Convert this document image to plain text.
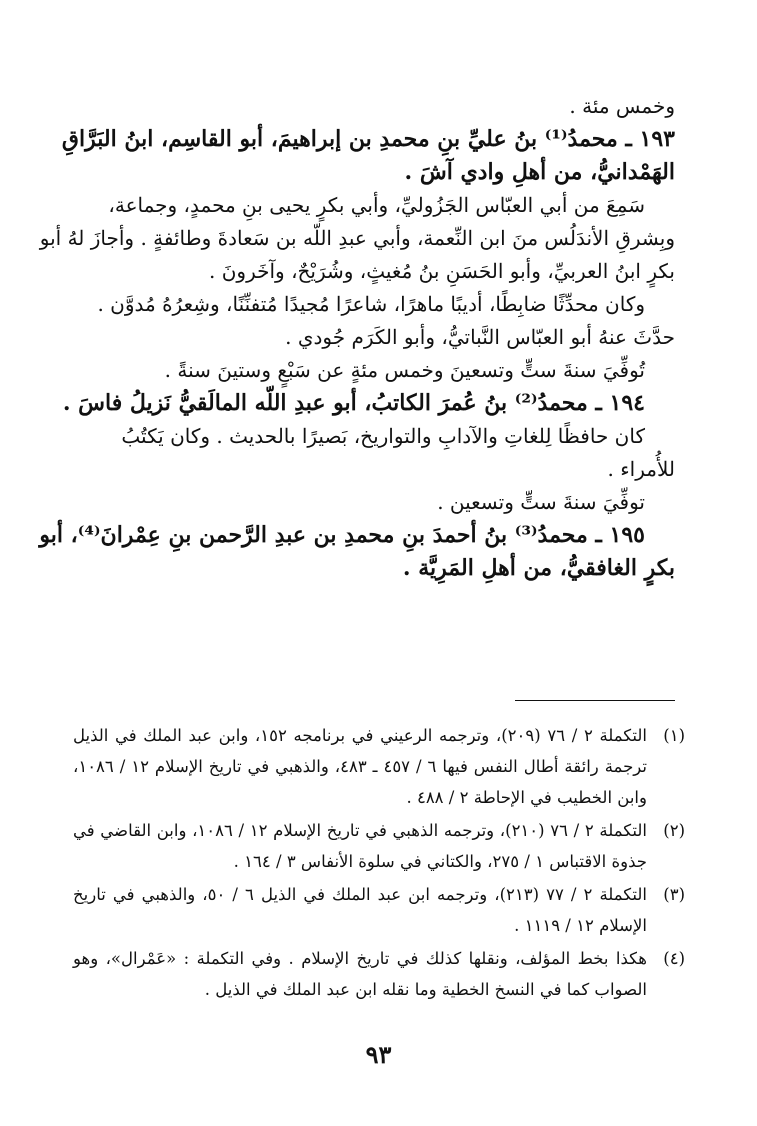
وخمس مئة .
١٩٣ ـ محمدُ⁽¹⁾ بنُ عليِّ بنِ محمدِ بن إبراهيمَ، أبو القاسِم، ابنُ البَرَّاقِ
الهَمْدانيُّ، من أهلِ وادي آشَ .
سَمِعَ من أبي العبّاس الجَزُوليِّ، وأبي بكرٍ يحيى بنِ محمدٍ، وجماعة،
وبِشرقِ الأندَلُس منَ ابن النِّعمة، وأبي عبدِ اللّه بن سَعادةَ وطائفةٍ . وأجازَ لهُ أبو
بكرٍ ابنُ العربيِّ، وأبو الحَسَنِ بنُ مُغيثٍ، وشُرَيْحٌ، وآخَرونَ .
وكان محدِّثًا ضابِطًا، أديبًا ماهرًا، شاعرًا مُجيدًا مُتفنِّنًا، وشِعرُهُ مُدوَّن .
حدَّثَ عنهُ أبو العبّاس النَّباتيُّ، وأبو الكَرَم جُودي .
تُوفِّيَ سنةَ ستٍّ وتسعينَ وخمس مئةٍ عن سَبْعٍ وستينَ سنةً .
١٩٤ ـ محمدُ⁽²⁾ بنُ عُمرَ الكاتبُ، أبو عبدِ اللّه المالَقيُّ نَزيلُ فاسَ .
كان حافظًا لِلغاتِ والآدابِ والتواريخ، بَصيرًا بالحديث . وكان يَكتُبُ
للأُمراء .
توفِّيَ سنةَ ستٍّ وتسعين .
١٩٥ ـ محمدُ⁽³⁾ بنُ أحمدَ بنِ محمدِ بن عبدِ الرَّحمن بنِ عِمْرانَ⁽⁴⁾، أبو
بكرٍ الغافقيُّ، من أهلِ المَرِيَّة .
(١)
التكملة ٢ / ٧٦ (٢٠٩)، وترجمه الرعيني في برنامجه ١٥٢، وابن عبد الملك في الذيل ترجمة رائقة أطال النفس فيها ٦ / ٤٥٧ ـ ٤٨٣، والذهبي في تاريخ الإسلام ١٢ / ١٠٨٦، وابن الخطيب في الإحاطة ٢ / ٤٨٨ .
(٢)
التكملة ٢ / ٧٦ (٢١٠)، وترجمه الذهبي في تاريخ الإسلام ١٢ / ١٠٨٦، وابن القاضي في جذوة الاقتباس ١ / ٢٧٥، والكتاني في سلوة الأنفاس ٣ / ١٦٤ .
(٣)
التكملة ٢ / ٧٧ (٢١٣)، وترجمه ابن عبد الملك في الذيل ٦ / ٥٠، والذهبي في تاريخ الإسلام ١٢ / ١١١٩ .
(٤)
هكذا بخط المؤلف، ونقلها كذلك في تاريخ الإسلام . وفي التكملة : «عَمْرال»، وهو الصواب كما في النسخ الخطية وما نقله ابن عبد الملك في الذيل .
٩٣
